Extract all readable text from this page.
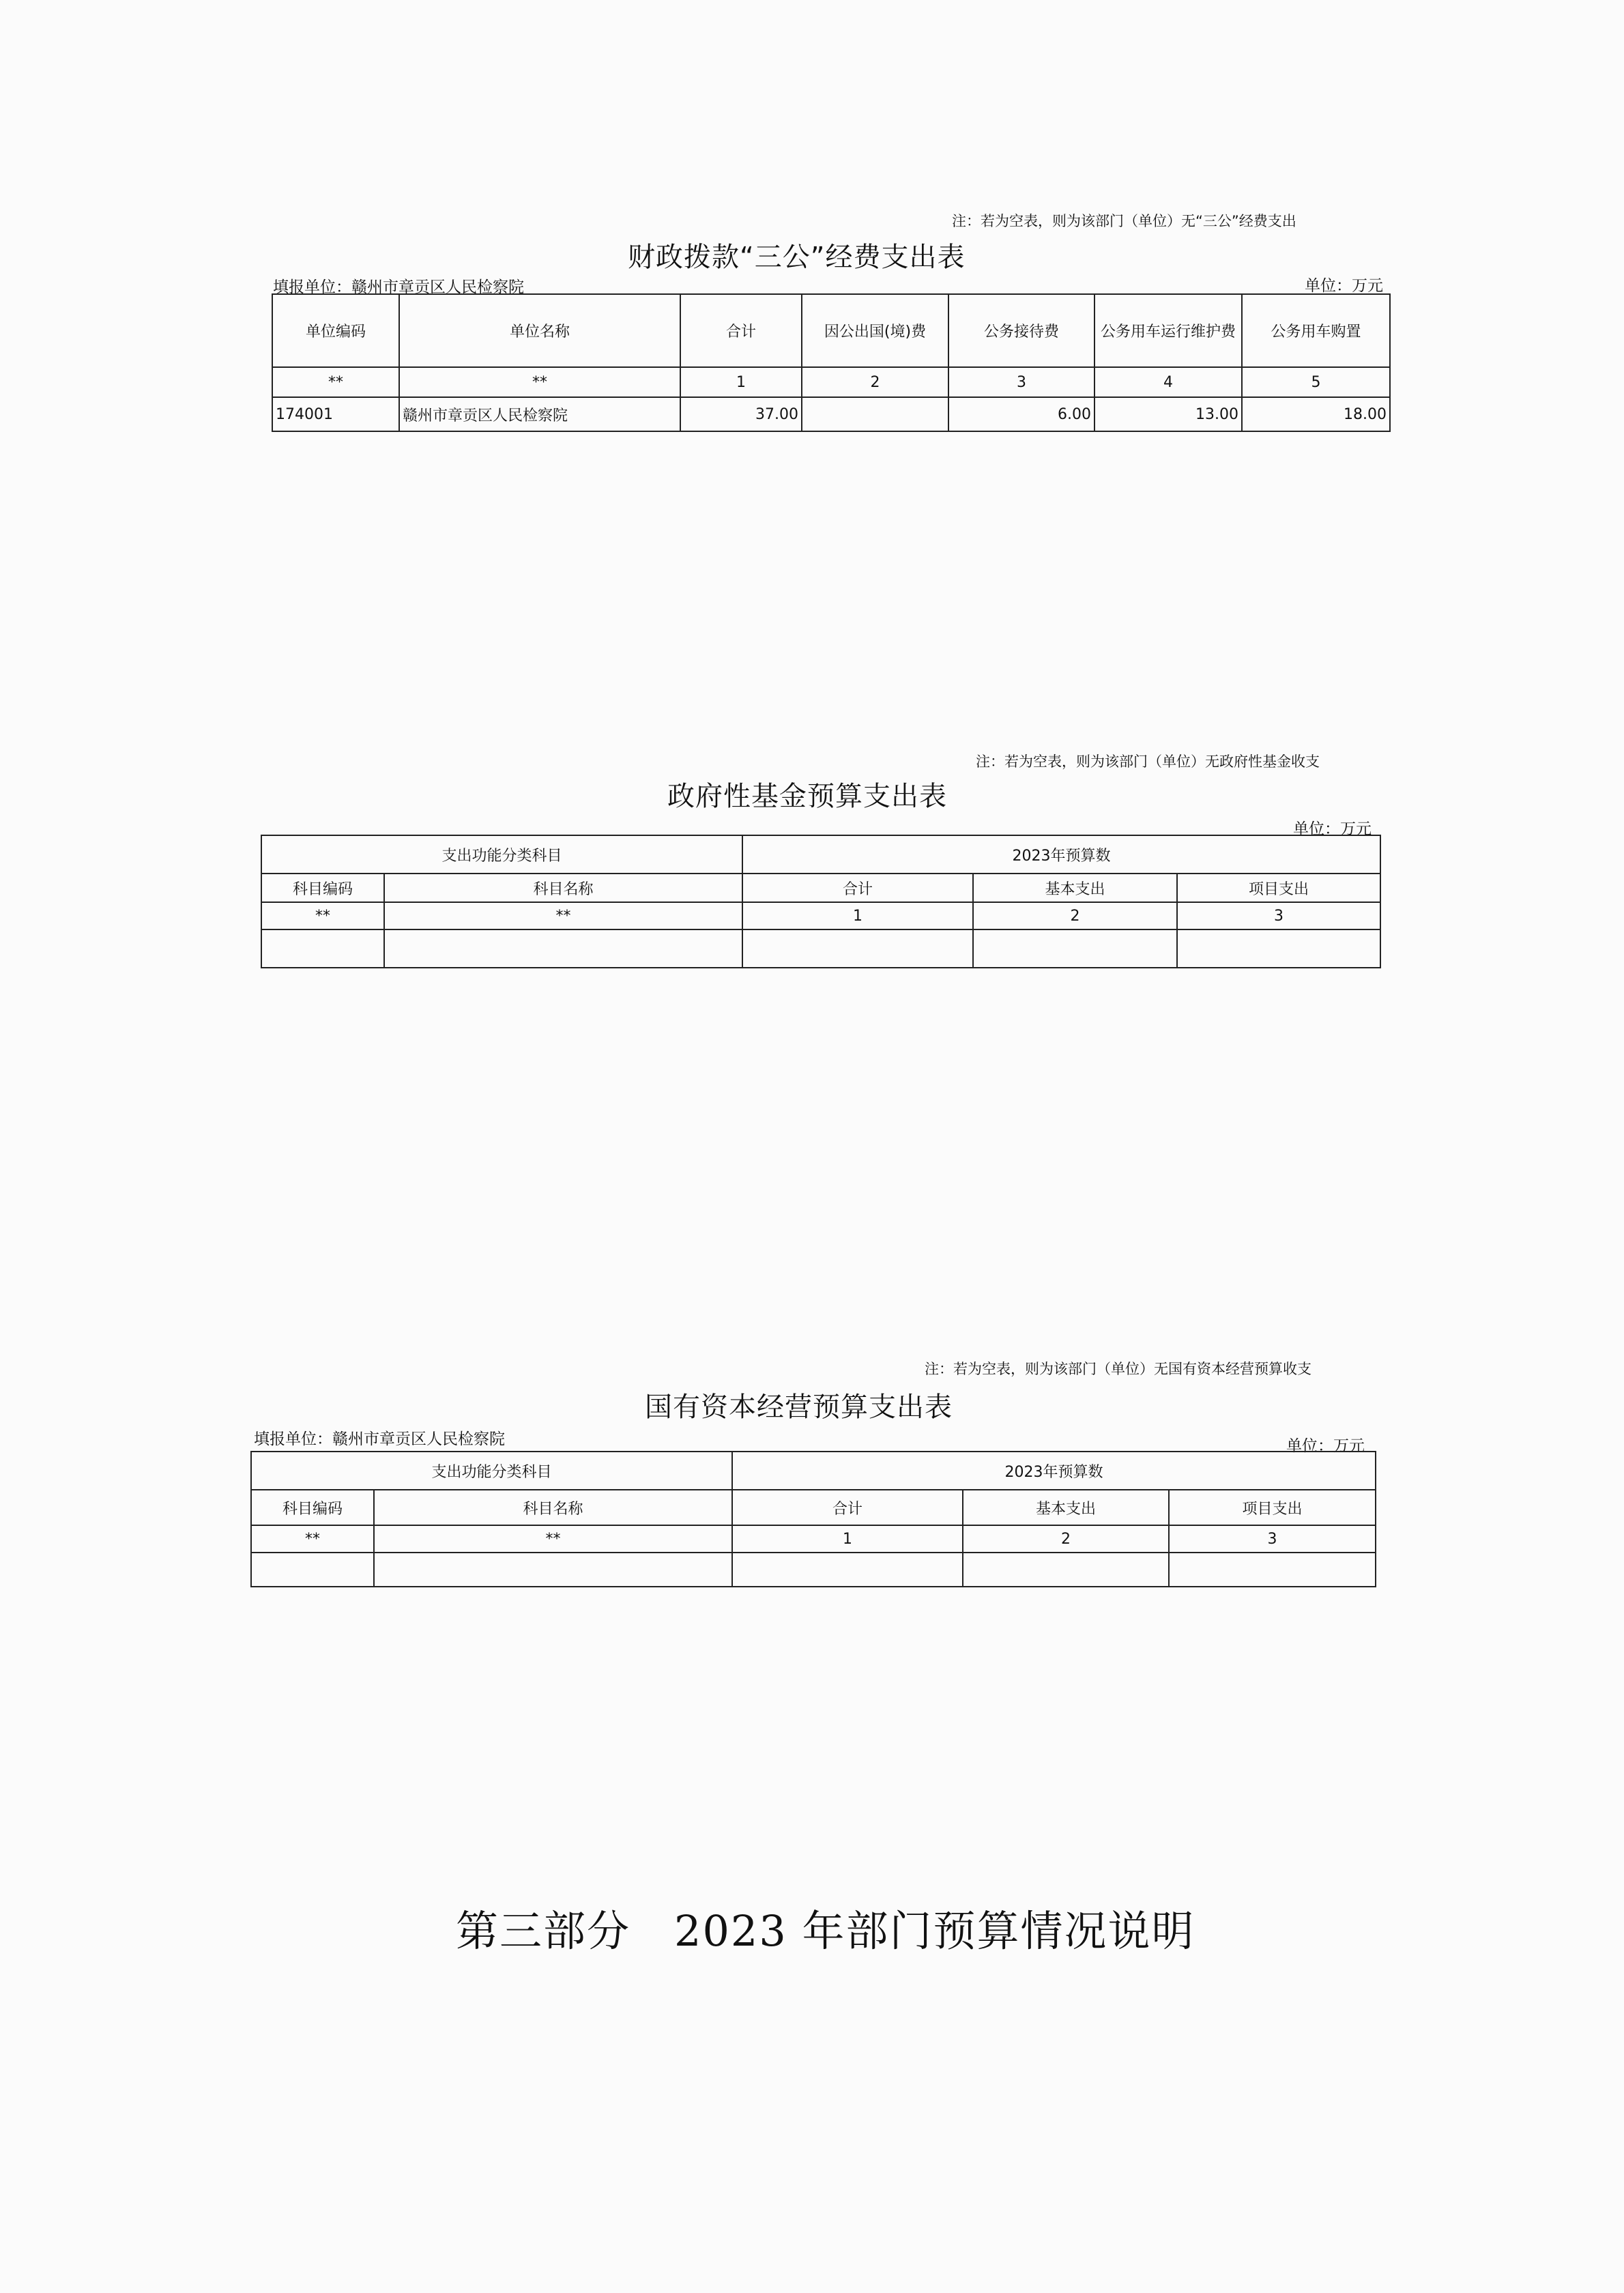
注：若为空表，则为该部门（单位）无“三公”经费支出
财政拨款“三公”经费支出表
填报单位：赣州市章贡区人民检察院	单位：万元
单位编码	单位名称	合计	因公出国(境)费	公务接待费	公务用车运行维护费	公务用车购置
**	**	1	2	3	4	5
174001	赣州市章贡区人民检察院	37.00		6.00	13.00	18.00
注：若为空表，则为该部门（单位）无政府性基金收支
政府性基金预算支出表
单位：万元
支出功能分类科目		2023年预算数		
科目编码	科目名称	合计	基本支出	项目支出
**	**	1	2	3

注：若为空表，则为该部门（单位）无国有资本经营预算收支
国有资本经营预算支出表
填报单位：赣州市章贡区人民检察院	单位：万元
支出功能分类科目		2023年预算数		
科目编码	科目名称	合计	基本支出	项目支出
**	**	1	2	3

第三部分　2023 年部门预算情况说明
